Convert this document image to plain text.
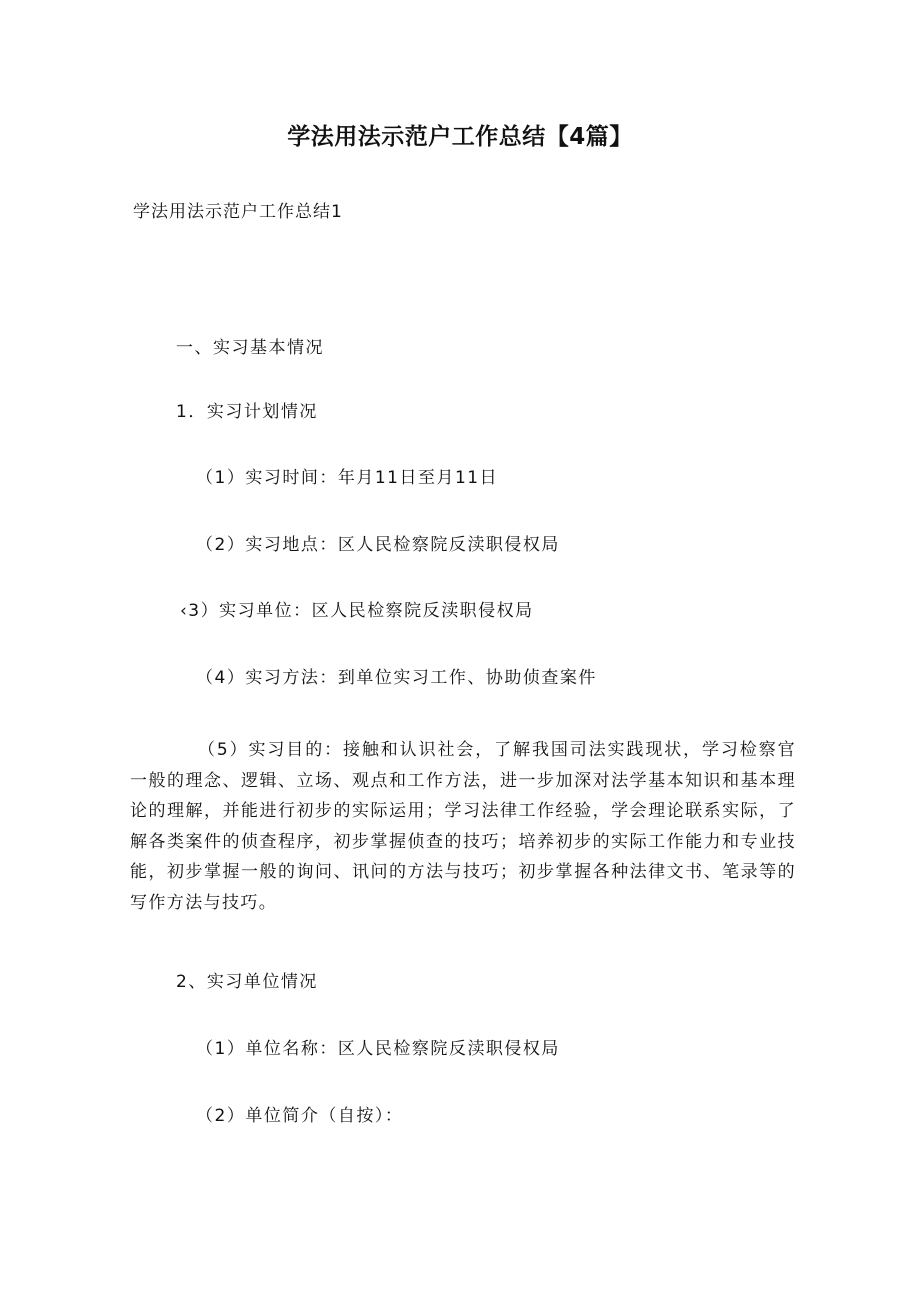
学法用法示范户工作总结【4篇】
学法用法示范户工作总结1
一、实习基本情况
1．实习计划情况
（1）实习时间：年月11日至月11日
（2）实习地点：区人民检察院反渎职侵权局
‹3）实习单位：区人民检察院反渎职侵权局
（4）实习方法：到单位实习工作、协助侦查案件
（5）实习目的：接触和认识社会，了解我国司法实践现状，学习检察官一般的理念、逻辑、立场、观点和工作方法，进一步加深对法学基本知识和基本理论的理解，并能进行初步的实际运用；学习法律工作经验，学会理论联系实际，了解各类案件的侦查程序，初步掌握侦查的技巧；培养初步的实际工作能力和专业技能，初步掌握一般的询问、讯问的方法与技巧；初步掌握各种法律文书、笔录等的写作方法与技巧。
2、实习单位情况
（1）单位名称：区人民检察院反渎职侵权局
（2）单位简介（自按）：
